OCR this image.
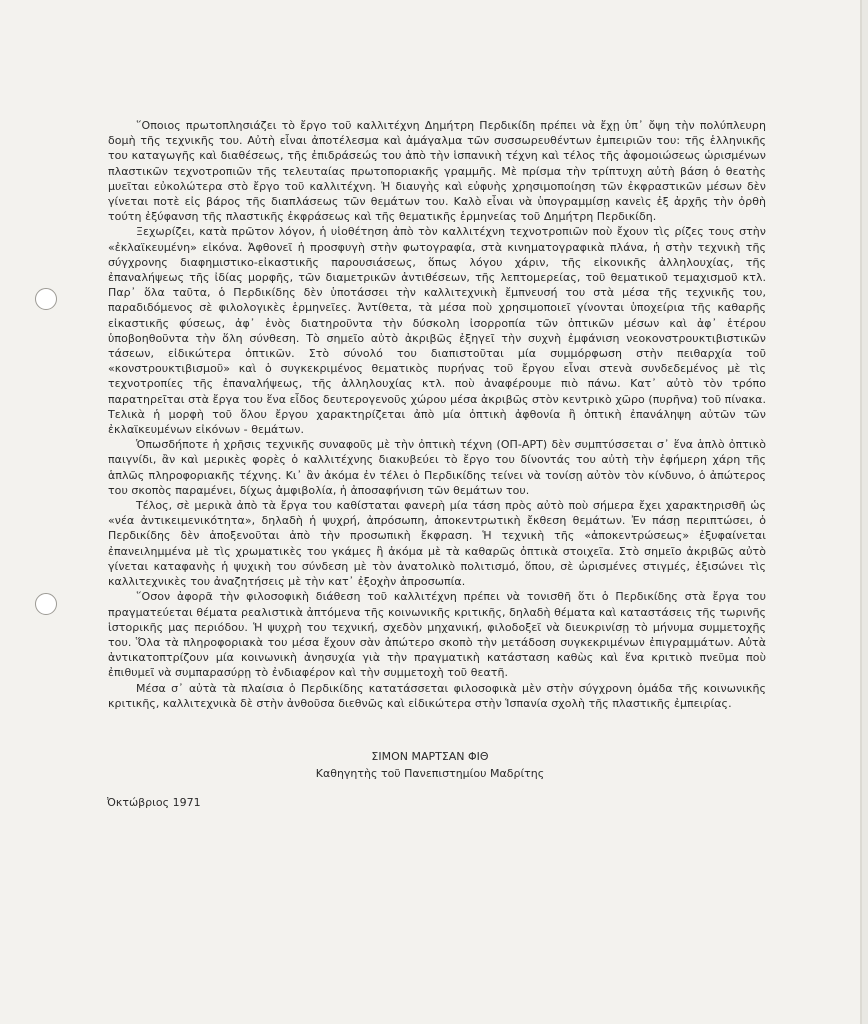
῞Οποιος πρωτοπλησιάζει τὸ ἔργο τοῦ καλλιτέχνη Δημήτρη Περδικίδη πρέπει νὰ ἔχῃ ὑπ᾽ ὄψη τὴν πολύπλευρη δομὴ τῆς τεχνικῆς του. Αὐτὴ εἶναι ἀποτέλεσμα καὶ ἀμάγαλμα τῶν συσσωρευθέντων ἐμπειριῶν του: τῆς ἑλληνικῆς του καταγωγῆς καὶ διαθέσεως, τῆς ἐπιδράσεώς του ἀπὸ τὴν ἱσπανικὴ τέχνη καὶ τέλος τῆς ἀφομοιώσεως ὡρισμένων πλαστικῶν τεχνοτροπιῶν τῆς τελευταίας πρωτοποριακῆς γραμμῆς. Μὲ πρίσμα τὴν τρίπτυχη αὐτὴ βάση ὁ θεατὴς μυεῖται εὐκολώτερα στὸ ἔργο τοῦ καλλιτέχνη. Ἡ διαυγὴς καὶ εὐφυὴς χρησιμοποίηση τῶν ἐκφραστικῶν μέσων δὲν γίνεται ποτὲ εἰς βάρος τῆς διαπλάσεως τῶν θεμάτων του. Καλὸ εἶναι νὰ ὑπογραμμίσῃ κανεὶς ἐξ ἀρχῆς τὴν ὀρθὴ τούτη ἐξύφανση τῆς πλαστικῆς ἐκφράσεως καὶ τῆς θεματικῆς ἑρμηνείας τοῦ Δημήτρη Περδικίδη.

Ξεχωρίζει, κατὰ πρῶτον λόγον, ἡ υἱοθέτηση ἀπὸ τὸν καλλιτέχνη τεχνοτροπιῶν ποὺ ἔχουν τὶς ρίζες τους στὴν «ἐκλαϊκευμένη» εἰκόνα. Ἀφθονεῖ ἡ προσφυγὴ στὴν φωτογραφία, στὰ κινηματογραφικὰ πλάνα, ἡ στὴν τεχνικὴ τῆς σύγχρονης διαφημιστικο-εἰκαστικῆς παρουσιάσεως, ὅπως λόγου χάριν, τῆς εἰκονικῆς ἀλληλουχίας, τῆς ἐπαναλήψεως τῆς ἰδίας μορφῆς, τῶν διαμετρικῶν ἀντιθέσεων, τῆς λεπτομερείας, τοῦ θεματικοῦ τεμαχισμοῦ κτλ. Παρ᾽ ὅλα ταῦτα, ὁ Περδικίδης δὲν ὑποτάσσει τὴν καλλιτεχνικὴ ἔμπνευσή του στὰ μέσα τῆς τεχνικῆς του, παραδιδόμενος σὲ φιλολογικὲς ἑρμηνεῖες. Ἀντίθετα, τὰ μέσα ποὺ χρησιμοποιεῖ γίνονται ὑποχείρια τῆς καθαρῆς εἰκαστικῆς φύσεως, ἀφ᾽ ἑνὸς διατηροῦντα τὴν δύσκολη ἰσορροπία τῶν ὀπτικῶν μέσων καὶ ἀφ᾽ ἑτέρου ὑποβοηθοῦντα τὴν ὅλη σύνθεση. Τὸ σημεῖο αὐτὸ ἀκριβῶς ἐξηγεῖ τὴν συχνὴ ἐμφάνιση νεοκονστρουκτιβιστικῶν τάσεων, εἰδικώτερα ὀπτικῶν. Στὸ σύνολό του διαπιστοῦται μία συμμόρφωση στὴν πειθαρχία τοῦ «κονστρουκτιβισμοῦ» καὶ ὁ συγκεκριμένος θεματικὸς πυρήνας τοῦ ἔργου εἶναι στενὰ συνδεδεμένος μὲ τὶς τεχνοτροπίες τῆς ἐπαναλήψεως, τῆς ἀλληλουχίας κτλ. ποὺ ἀναφέρουμε πιὸ πάνω. Κατ᾽ αὐτὸ τὸν τρόπο παρατηρεῖται στὰ ἔργα του ἕνα εἶδος δευτερογενοῦς χώρου μέσα ἀκριβῶς στὸν κεντρικὸ χῶρο (πυρῆνα) τοῦ πίνακα. Τελικὰ ἡ μορφὴ τοῦ ὅλου ἔργου χαρακτηρίζεται ἀπὸ μία ὀπτικὴ ἀφθονία ἢ ὀπτικὴ ἐπανάληψη αὐτῶν τῶν ἐκλαϊκευμένων εἰκόνων - θεμάτων.

Ὁπωσδήποτε ἡ χρῆσις τεχνικῆς συναφοῦς μὲ τὴν ὀπτικὴ τέχνη (ΟΠ-ΑΡΤ) δὲν συμπτύσσεται σ᾽ ἕνα ἁπλὸ ὀπτικὸ παιγνίδι, ἂν καὶ μερικὲς φορὲς ὁ καλλιτέχνης διακυβεύει τὸ ἔργο του δίνοντάς του αὐτὴ τὴν ἐφήμερη χάρη τῆς ἁπλῶς πληροφοριακῆς τέχνης. Κι᾽ ἂν ἀκόμα ἐν τέλει ὁ Περδικίδης τείνει νὰ τονίσῃ αὐτὸν τὸν κίνδυνο, ὁ ἀπώτερος του σκοπὸς παραμένει, δίχως ἀμφιβολία, ἡ ἀποσαφήνιση τῶν θεμάτων του.

Τέλος, σὲ μερικὰ ἀπὸ τὰ ἔργα του καθίσταται φανερὴ μία τάση πρὸς αὐτὸ ποὺ σήμερα ἔχει χαρακτηρισθῆ ὡς «νέα ἀντικειμενικότητα», δηλαδὴ ἡ ψυχρή, ἀπρόσωπη, ἀποκεντρωτικὴ ἔκθεση θεμάτων. Ἐν πάσῃ περιπτώσει, ὁ Περδικίδης δὲν ἀποξενοῦται ἀπὸ τὴν προσωπικὴ ἔκφραση. Ἡ τεχνικὴ τῆς «ἀποκεντρώσεως» ἐξυφαίνεται ἐπανειλημμένα μὲ τὶς χρωματικὲς του γκάμες ἢ ἀκόμα μὲ τὰ καθαρῶς ὀπτικὰ στοιχεῖα. Στὸ σημεῖο ἀκριβῶς αὐτὸ γίνεται καταφανὴς ἡ ψυχικὴ του σύνδεση μὲ τὸν ἀνατολικὸ πολιτισμό, ὅπου, σὲ ὡρισμένες στιγμές, ἐξισώνει τὶς καλλιτεχνικὲς του ἀναζητήσεις μὲ τὴν κατ᾽ ἐξοχὴν ἀπροσωπία.

῞Οσον ἀφορᾶ τὴν φιλοσοφικὴ διάθεση τοῦ καλλιτέχνη πρέπει νὰ τονισθῆ ὅτι ὁ Περδικίδης στὰ ἔργα του πραγματεύεται θέματα ρεαλιστικὰ ἀπτόμενα τῆς κοινωνικῆς κριτικῆς, δηλαδὴ θέματα καὶ καταστάσεις τῆς τωρινῆς ἱστορικῆς μας περιόδου. Ἡ ψυχρὴ του τεχνική, σχεδὸν μηχανική, φιλοδοξεῖ νὰ διευκρινίσῃ τὸ μήνυμα συμμετοχῆς του. Ὅλα τὰ πληροφοριακὰ του μέσα ἔχουν σὰν ἀπώτερο σκοπὸ τὴν μετάδοση συγκεκριμένων ἐπιγραμμάτων. Αὐτὰ ἀντικατοπτρίζουν μία κοινωνικὴ ἀνησυχία γιὰ τὴν πραγματικὴ κατάσταση καθὼς καὶ ἕνα κριτικὸ πνεῦμα ποὺ ἐπιθυμεῖ νὰ συμπαρασύρῃ τὸ ἐνδιαφέρον καὶ τὴν συμμετοχὴ τοῦ θεατῆ.

Μέσα σ᾽ αὐτὰ τὰ πλαίσια ὁ Περδικίδης κατατάσσεται φιλοσοφικὰ μὲν στὴν σύγχρονη ὁμάδα τῆς κοινωνικῆς κριτικῆς, καλλιτεχνικὰ δὲ στὴν ἀνθοῦσα διεθνῶς καὶ εἰδικώτερα στὴν Ἱσπανία σχολὴ τῆς πλαστικῆς ἐμπειρίας.

ΣΙΜΟΝ ΜΑΡΤΣΑΝ ΦΙΘ
Καθηγητὴς τοῦ Πανεπιστημίου Μαδρίτης
Ὀκτώβριος 1971
